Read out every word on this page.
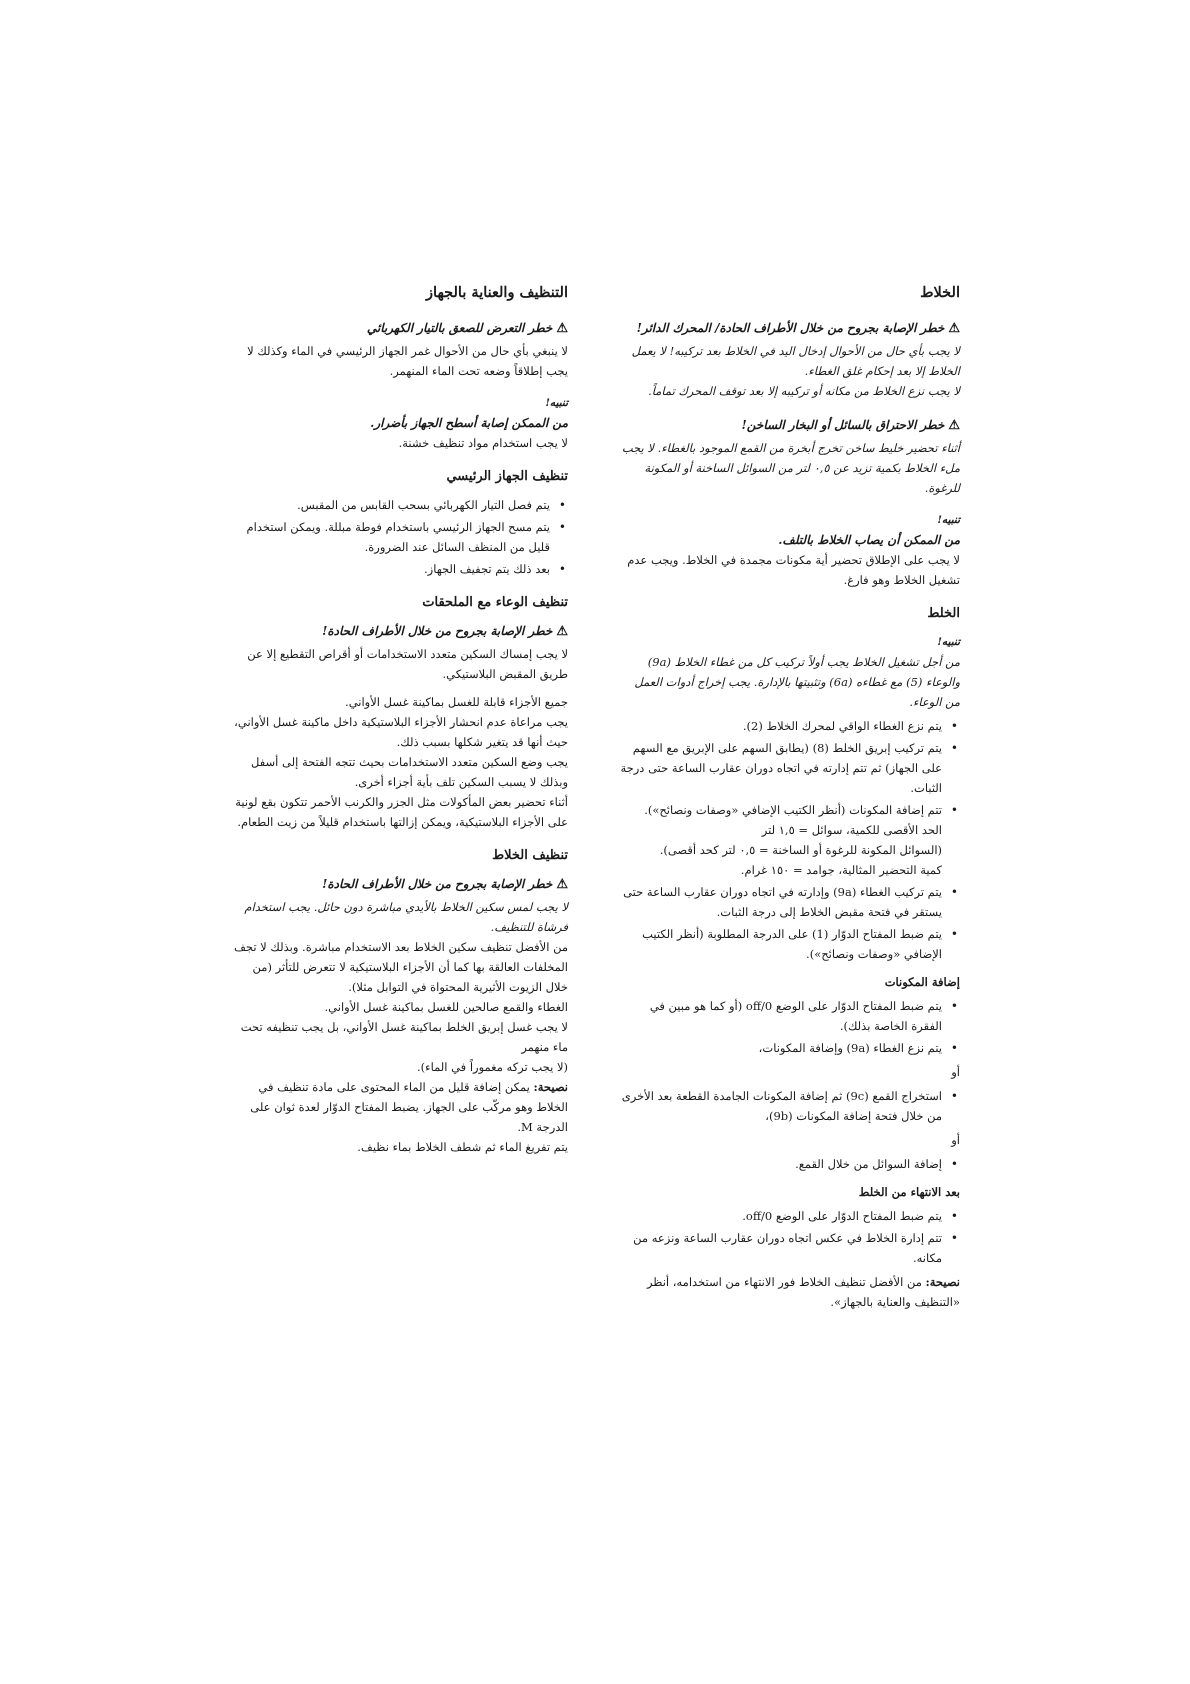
الخلاط
⚠خطر الإصابة بجروح من خلال الأطراف الحادة/ المحرك الدائر!

لا يجب بأي حال من الأحوال إدخال اليد في الخلاط بعد تركيبه! لا يعمل الخلاط إلا بعد إحكام غلق الغطاء.

لا يجب نزع الخلاط من مكانه أو تركيبه إلا بعد توقف المحرك تماماً.

⚠خطر الاحتراق بالسائل أو البخار الساخن!

أثناء تحضير خليط ساخن تخرج أبخرة من القمع الموجود بالغطاء. لا يجب ملء الخلاط بكمية تزيد عن ٠,٥ لتر من السوائل الساخنة أو المكونة للرغوة.

تنبيه!
من الممكن أن يصاب الخلاط بالتلف.

لا يجب على الإطلاق تحضير أية مكونات مجمدة في الخلاط. ويجب عدم تشغيل الخلاط وهو فارغ.

الخلط
تنبيه!

من أجل تشغيل الخلاط يجب أولاً تركيب كل من غطاء الخلاط (9a) والوعاء (5) مع غطاءه (6a) وتثبيتها بالإدارة. يجب إخراج أدوات العمل من الوعاء.

• يتم نزع الغطاء الواقي لمحرك الخلاط (2).
• يتم تركيب إبريق الخلط (8) (يطابق السهم على الإبريق مع السهم على الجهاز) ثم تتم إدارته في اتجاه دوران عقارب الساعة حتى درجة الثبات.
• تتم إضافة المكونات (أنظر الكتيب الإضافي «وصفات ونصائح»).
الحد الأقصى للكمية، سوائل = ١,٥ لتر
(السوائل المكونة للرغوة أو الساخنة = ٠,٥ لتر كحد أقصى).
كمية التحضير المثالية، جوامد = ١٥٠ غرام.
• يتم تركيب الغطاء (9a) وإدارته في اتجاه دوران عقارب الساعة حتى يستقر في فتحة مقبض الخلاط إلى درجة الثبات.
• يتم ضبط المفتاح الدوّار (1) على الدرجة المطلوبة (أنظر الكتيب الإضافي «وصفات ونصائح»).
إضافة المكونات
• يتم ضبط المفتاح الدوّار على الوضع 0/off (أو كما هو مبين في الفقرة الخاصة بذلك).
• يتم نزع الغطاء (9a) وإضافة المكونات،
أو
• استخراج القمع (9c) ثم إضافة المكونات الجامدة القطعة بعد الأخرى من خلال فتحة إضافة المكونات (9b)،
أو
• إضافة السوائل من خلال القمع.
بعد الانتهاء من الخلط
• يتم ضبط المفتاح الدوّار على الوضع 0/off.
• تتم إدارة الخلاط في عكس اتجاه دوران عقارب الساعة ونزعه من مكانه.

نصيحة: من الأفضل تنظيف الخلاط فور الانتهاء من استخدامه، أنظر «التنظيف والعناية بالجهاز».

التنظيف والعناية بالجهاز
⚠خطر التعرض للصعق بالتيار الكهربائي

لا ينبغي بأي حال من الأحوال غمر الجهاز الرئيسي في الماء وكذلك لا يجب إطلاقاً وضعه تحت الماء المنهمر.

تنبيه!
من الممكن إصابة أسطح الجهاز بأضرار.

لا يجب استخدام مواد تنظيف خشنة.

تنظيف الجهاز الرئيسي
• يتم فصل التيار الكهربائي بسحب القابس من المقبس.
• يتم مسح الجهاز الرئيسي باستخدام فوطة مبللة. ويمكن استخدام قليل من المنظف السائل عند الضرورة.
• بعد ذلك يتم تجفيف الجهاز.
تنظيف الوعاء مع الملحقات
⚠خطر الإصابة بجروح من خلال الأطراف الحادة!

لا يجب إمساك السكين متعدد الاستخدامات أو أقراص التقطيع إلا عن طريق المقبض البلاستيكي.

جميع الأجزاء قابلة للغسل بماكينة غسل الأواني.

يجب مراعاة عدم انحشار الأجزاء البلاستيكية داخل ماكينة غسل الأواني، حيث أنها قد يتغير شكلها بسبب ذلك.

يجب وضع السكين متعدد الاستخدامات بحيث تتجه الفتحة إلى أسفل وبذلك لا يسبب السكين تلف بأية أجزاء أخرى.

أثناء تحضير بعض المأكولات مثل الجزر والكرنب الأحمر تتكون بقع لونية على الأجزاء البلاستيكية، ويمكن إزالتها باستخدام قليلاً من زيت الطعام.

تنظيف الخلاط
⚠خطر الإصابة بجروح من خلال الأطراف الحادة!

لا يجب لمس سكين الخلاط بالأيدي مباشرة دون حائل. يجب استخدام فرشاة للتنظيف.

من الأفضل تنظيف سكين الخلاط بعد الاستخدام مباشرة. وبذلك لا تجف المخلفات العالقة بها كما أن الأجزاء البلاستيكية لا تتعرض للتأثر (من خلال الزيوت الأثيرية المحتواة في التوابل مثلا).

الغطاء والقمع صالحين للغسل بماكينة غسل الأواني.

لا يجب غسل إبريق الخلط بماكينة غسل الأواني، بل يجب تنظيفه تحت ماء منهمر

(لا يجب تركه مغموراً في الماء).

نصيحة: يمكن إضافة قليل من الماء المحتوى على مادة تنظيف في الخلاط وهو مركّب على الجهاز. يضبط المفتاح الدوّار لعدة ثوان على الدرجة M.

يتم تفريغ الماء ثم شطف الخلاط بماء نظيف.
